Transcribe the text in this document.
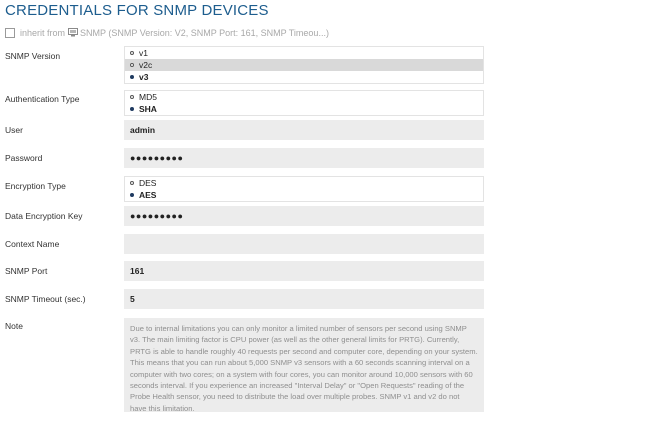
CREDENTIALS FOR SNMP DEVICES
inherit from SNMP (SNMP Version: V2, SNMP Port: 161, SNMP Timeou...)
SNMP Version	v1
v2c
v3
Authentication Type	MD5
SHA
User	admin
Password	●●●●●●●●●
Encryption Type	DES
AES
Data Encryption Key	●●●●●●●●●
Context Name
SNMP Port	161
SNMP Timeout (sec.)	5
Note	Due to internal limitations you can only monitor a limited number of sensors per second using SNMP v3. The main limiting factor is CPU power (as well as the other general limits for PRTG). Currently, PRTG is able to handle roughly 40 requests per second and computer core, depending on your system. This means that you can run about 5,000 SNMP v3 sensors with a 60 seconds scanning interval on a computer with two cores; on a system with four cores, you can monitor around 10,000 sensors with 60 seconds interval. If you experience an increased "Interval Delay" or "Open Requests" reading of the Probe Health sensor, you need to distribute the load over multiple probes. SNMP v1 and v2 do not have this limitation.
